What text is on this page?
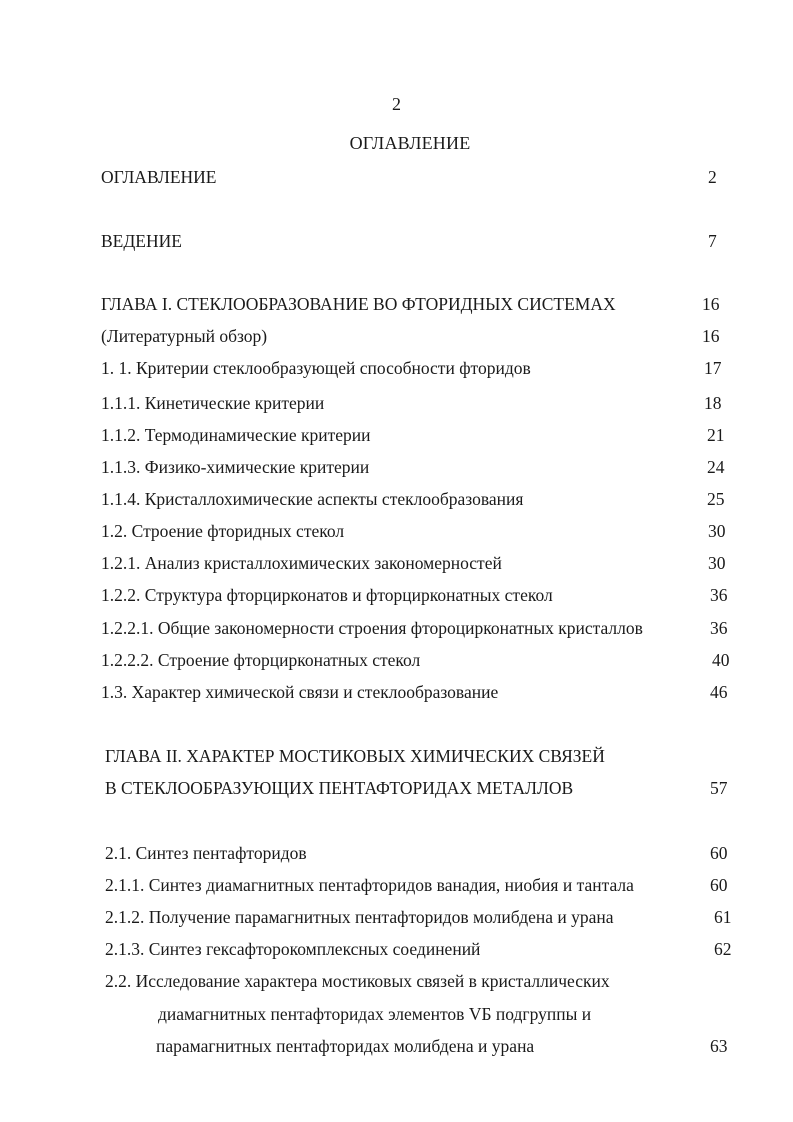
2
ОГЛАВЛЕНИЕ
ОГЛАВЛЕНИЕ	2
ВЕДЕНИЕ	7
ГЛАВА I. СТЕКЛООБРАЗОВАНИЕ ВО ФТОРИДНЫХ СИСТЕМАХ	16
(Литературный обзор)	16
1. 1. Критерии стеклообразующей способности фторидов	17
1.1.1. Кинетические критерии	18
1.1.2. Термодинамические критерии	21
1.1.3. Физико-химические критерии	24
1.1.4. Кристаллохимические аспекты стеклообразования	25
1.2. Строение фторидных стекол	30
1.2.1. Анализ кристаллохимических закономерностей	30
1.2.2. Структура фторцирконатов и фторцирконатных стекол	36
1.2.2.1. Общие закономерности строения фтороцирконатных кристаллов	36
1.2.2.2. Строение фторцирконатных стекол	40
1.3. Характер химической связи и стеклообразование	46
ГЛАВА II. ХАРАКТЕР МОСТИКОВЫХ ХИМИЧЕСКИХ СВЯЗЕЙ
В СТЕКЛООБРАЗУЮЩИХ ПЕНТАФТОРИДАХ МЕТАЛЛОВ	57
2.1. Синтез пентафторидов	60
2.1.1. Синтез диамагнитных пентафторидов ванадия, ниобия и тантала	60
2.1.2. Получение парамагнитных пентафторидов молибдена и урана	61
2.1.3. Синтез гексафторокомплексных соединений	62
2.2. Исследование характера мостиковых связей в кристаллических
диамагнитных пентафторидах элементов VБ подгруппы и
парамагнитных пентафторидах молибдена и урана	63
